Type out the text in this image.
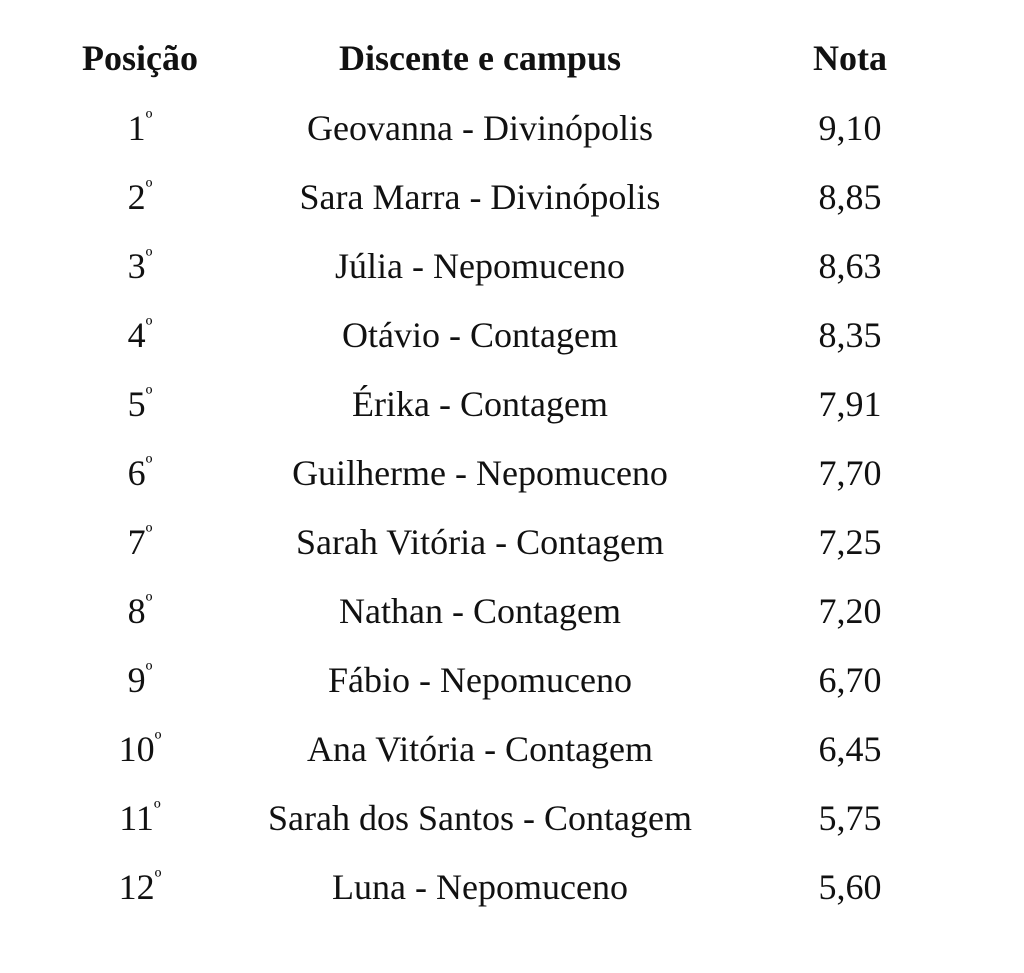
Posição	Discente e campus	Nota
1º	Geovanna - Divinópolis	9,10
2º	Sara Marra - Divinópolis	8,85
3º	Júlia - Nepomuceno	8,63
4º	Otávio - Contagem	8,35
5º	Érika - Contagem	7,91
6º	Guilherme - Nepomuceno	7,70
7º	Sarah Vitória - Contagem	7,25
8º	Nathan - Contagem	7,20
9º	Fábio - Nepomuceno	6,70
10º	Ana Vitória - Contagem	6,45
11º	Sarah dos Santos - Contagem	5,75
12º	Luna - Nepomuceno	5,60
